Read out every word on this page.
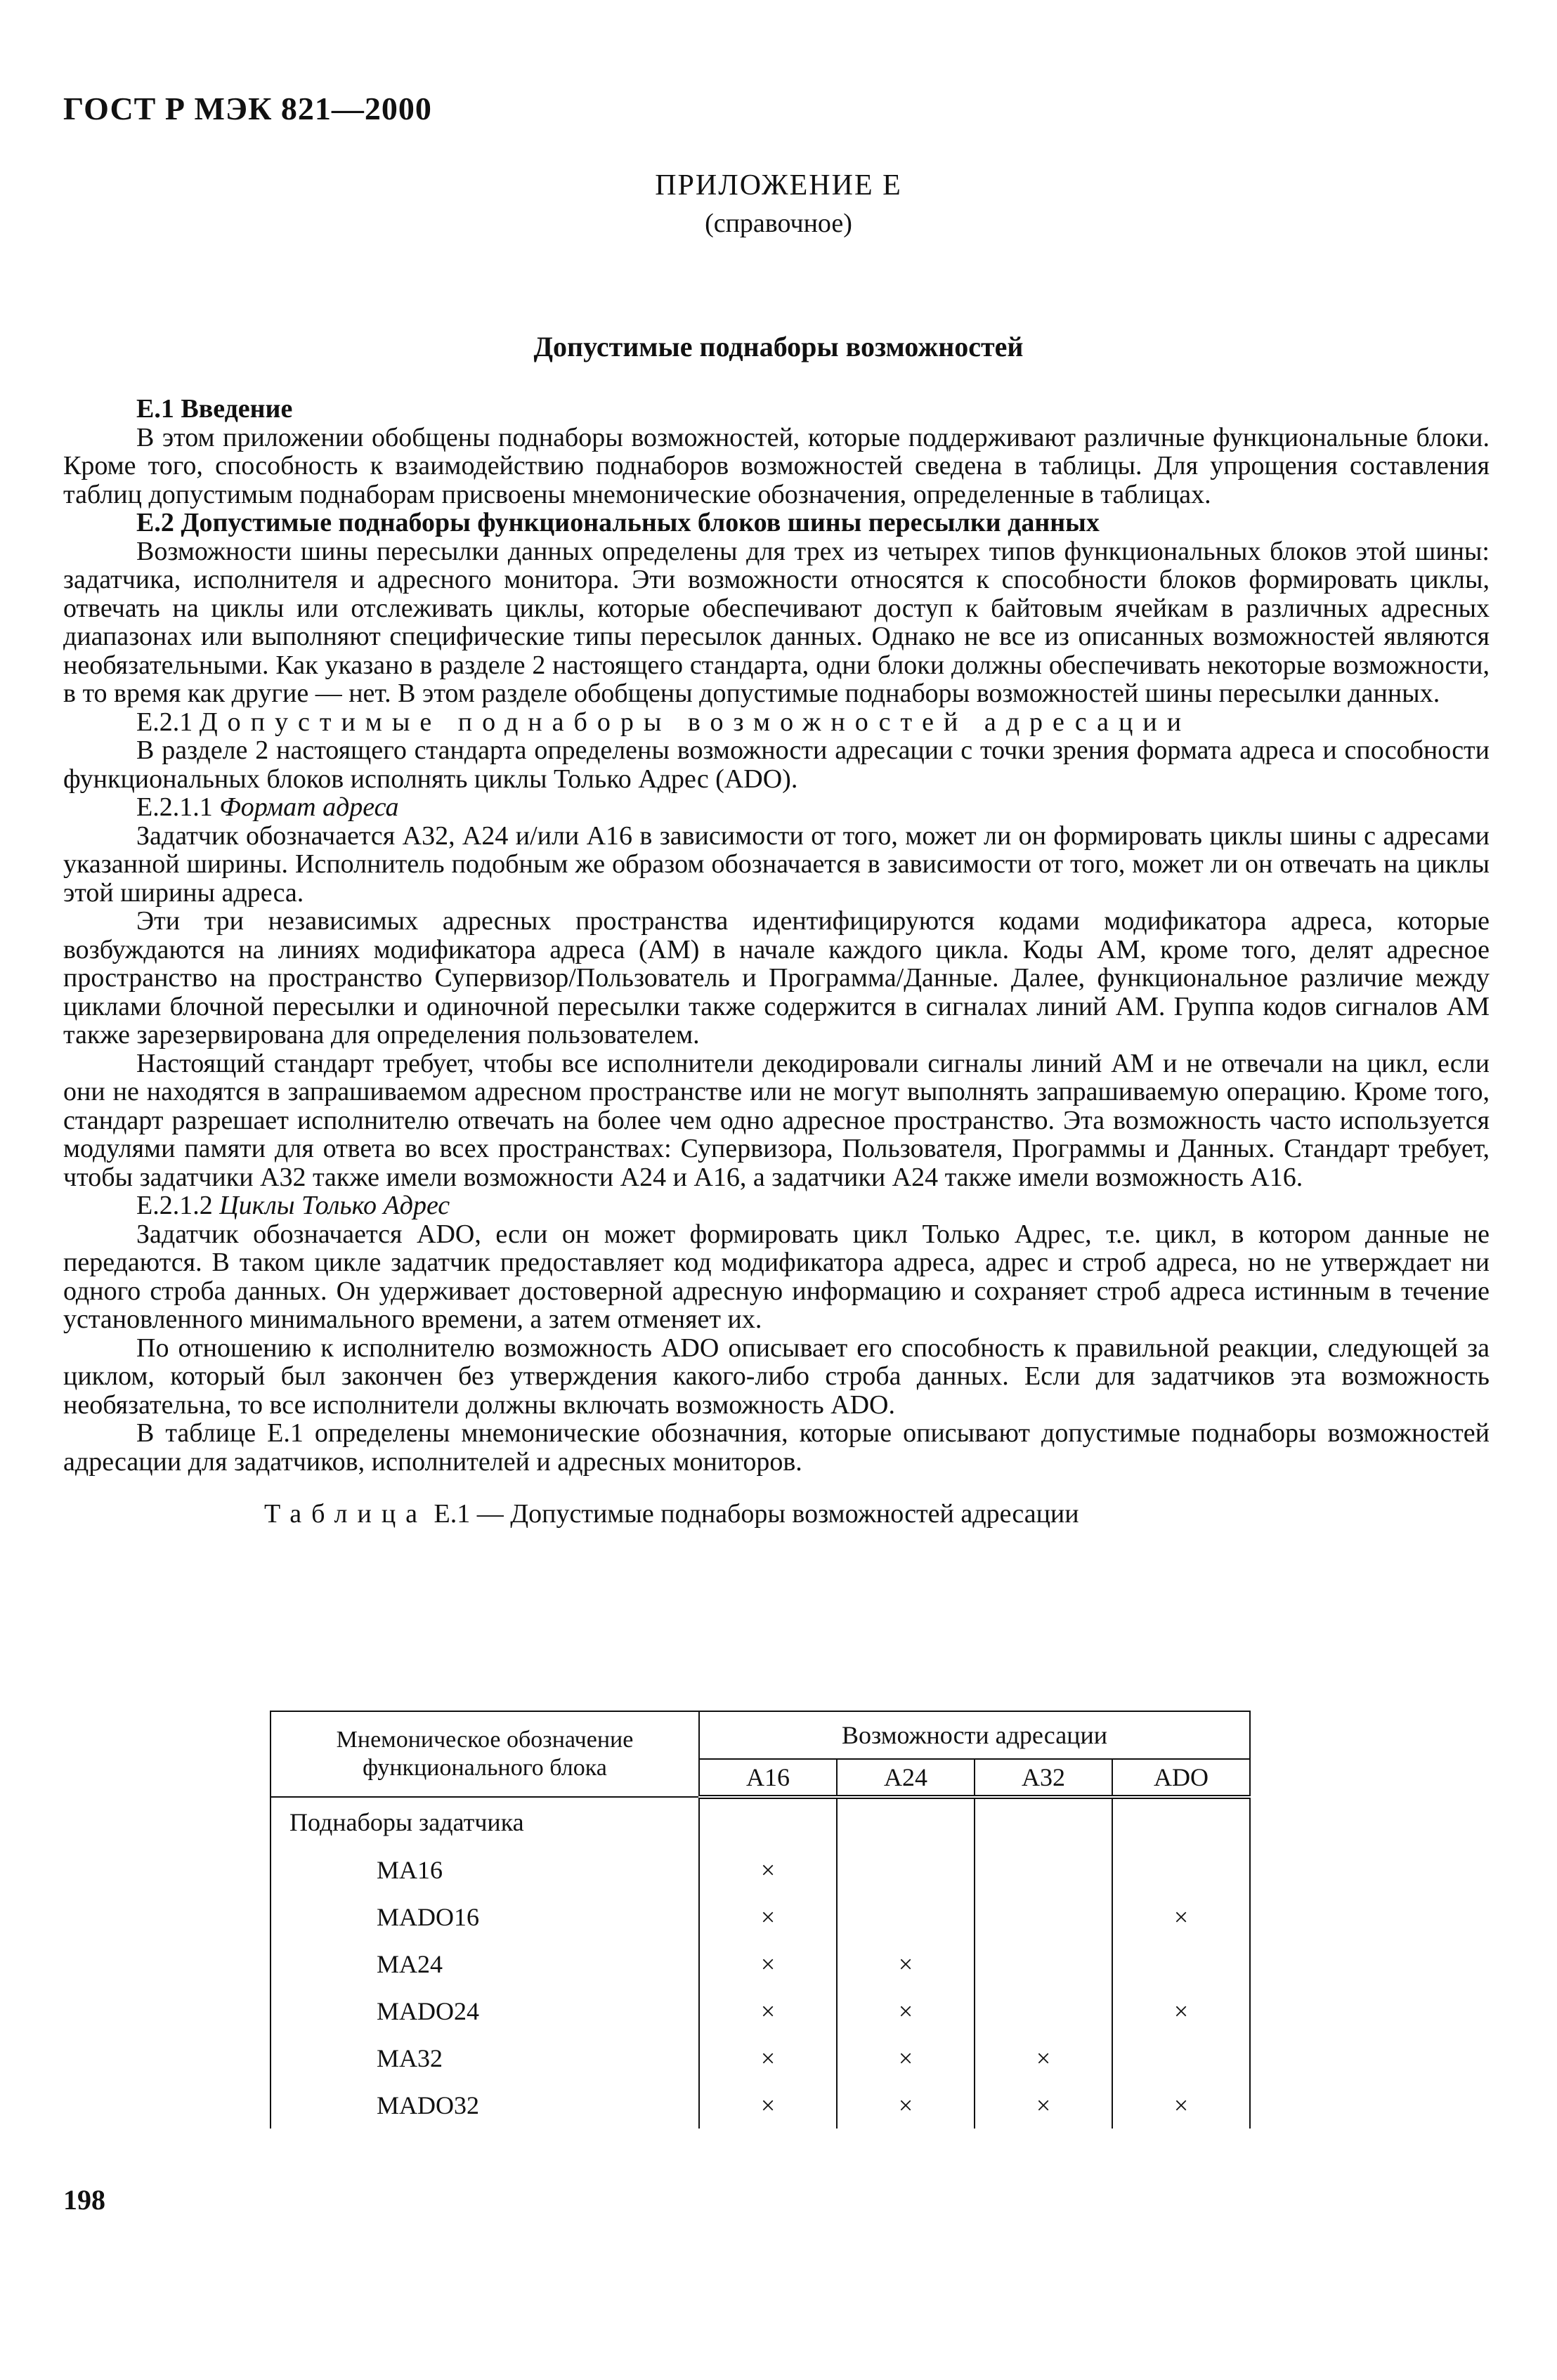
ГОСТ Р МЭК 821—2000
ПРИЛОЖЕНИЕ Е
(справочное)
Допустимые поднаборы возможностей

Е.1 Введение

В этом приложении обобщены поднаборы возможностей, которые поддерживают различные функциональные блоки. Кроме того, способность к взаимодействию поднаборов возможностей сведена в таблицы. Для упрощения составления таблиц допустимым поднаборам присвоены мнемонические обозначения, определенные в таблицах.

Е.2 Допустимые поднаборы функциональных блоков шины пересылки данных

Возможности шины пересылки данных определены для трех из четырех типов функциональных блоков этой шины: задатчика, исполнителя и адресного монитора. Эти возможности относятся к способности блоков формировать циклы, отвечать на циклы или отслеживать циклы, которые обеспечивают доступ к байтовым ячейкам в различных адресных диапазонах или выполняют специфические типы пересылок данных. Однако не все из описанных возможностей являются необязательными. Как указано в разделе 2 настоящего стандарта, одни блоки должны обеспечивать некоторые возможности, в то время как другие — нет. В этом разделе обобщены допустимые поднаборы возможностей шины пересылки данных.

Е.2.1 Допустимые поднаборы возможностей адресации

В разделе 2 настоящего стандарта определены возможности адресации с точки зрения формата адреса и способности функциональных блоков исполнять циклы Только Адрес (ADO).

Е.2.1.1 Формат адреса

Задатчик обозначается А32, А24 и/или А16 в зависимости от того, может ли он формировать циклы шины с адресами указанной ширины. Исполнитель подобным же образом обозначается в зависимости от того, может ли он отвечать на циклы этой ширины адреса.

Эти три независимых адресных пространства идентифицируются кодами модификатора адреса, которые возбуждаются на линиях модификатора адреса (АМ) в начале каждого цикла. Коды АМ, кроме того, делят адресное пространство на пространство Супервизор/Пользователь и Программа/Данные. Далее, функциональное различие между циклами блочной пересылки и одиночной пересылки также содержится в сигналах линий АМ. Группа кодов сигналов АМ также зарезервирована для определения пользователем.

Настоящий стандарт требует, чтобы все исполнители декодировали сигналы линий АМ и не отвечали на цикл, если они не находятся в запрашиваемом адресном пространстве или не могут выполнять запрашиваемую операцию. Кроме того, стандарт разрешает исполнителю отвечать на более чем одно адресное пространство. Эта возможность часто используется модулями памяти для ответа во всех пространствах: Супервизора, Пользователя, Программы и Данных. Стандарт требует, чтобы задатчики А32 также имели возможности А24 и А16, а задатчики А24 также имели возможность А16.

Е.2.1.2 Циклы Только Адрес

Задатчик обозначается ADO, если он может формировать цикл Только Адрес, т.е. цикл, в котором данные не передаются. В таком цикле задатчик предоставляет код модификатора адреса, адрес и строб адреса, но не утверждает ни одного строба данных. Он удерживает достоверной адресную информацию и сохраняет строб адреса истинным в течение установленного минимального времени, а затем отменяет их.

По отношению к исполнителю возможность ADO описывает его способность к правильной реакции, следующей за циклом, который был закончен без утверждения какого-либо строба данных. Если для задатчиков эта возможность необязательна, то все исполнители должны включать возможность ADO.

В таблице Е.1 определены мнемонические обозначния, которые описывают допустимые поднаборы возможностей адресации для задатчиков, исполнителей и адресных мониторов.

Таблица Е.1 — Допустимые поднаборы возможностей адресации

Мнемоническое обозначение функционального блока	Возможности адресации			
	А16	А24	А32	ADO
Поднаборы задатчика				
MA16	×			
MADO16	×			×
MA24	×	×		
MADO24	×	×		×
MA32	×	×	×	
MADO32	×	×	×	×
198
